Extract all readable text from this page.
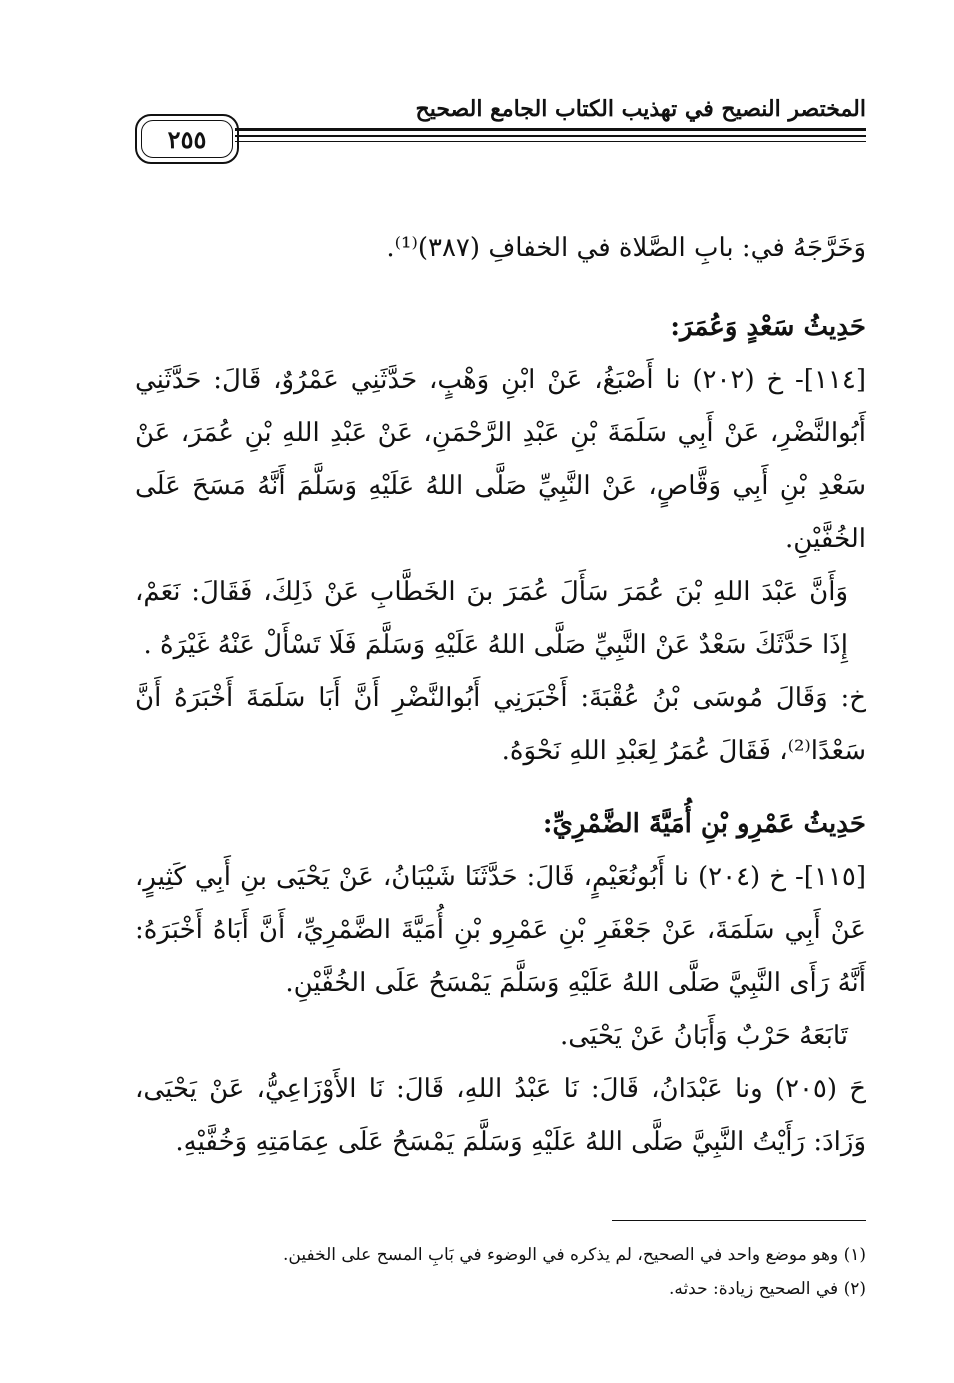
المختصر النصيح في تهذيب الكتاب الجامع الصحيح
٢٥٥

وَخَرَّجَهُ في: بابِ الصَّلاة في الخفافِ (٣٨٧)⁽¹⁾.

حَدِيثُ سَعْدٍ وَعُمَرَ:

[١١٤]- خ (٢٠٢) نا أَصْبَغُ، عَنْ ابْنِ وَهْبٍ، حَدَّثَنِي عَمْرُوٌ، قَالَ: حَدَّثَنِي أَبُوالنَّضْرِ، عَنْ أَبِي سَلَمَةَ بْنِ عَبْدِ الرَّحْمَنِ، عَنْ عَبْدِ اللهِ بْنِ عُمَرَ، عَنْ سَعْدِ بْنِ أَبِي وَقَّاصٍ، عَنْ النَّبِيِّ صَلَّى اللهُ عَلَيْهِ وَسَلَّمَ أَنَّهُ مَسَحَ عَلَى الخُفَّيْنِ.

وَأَنَّ عَبْدَ اللهِ بْنَ عُمَرَ سَأَلَ عُمَرَ بنَ الخَطَّابِ عَنْ ذَلِكَ، فَقَالَ: نَعَمْ، إِذَا حَدَّثَكَ سَعْدٌ عَنْ النَّبِيِّ صَلَّى اللهُ عَلَيْهِ وَسَلَّمَ فَلَا تَسْأَلْ عَنْهُ غَيْرَهُ .

خ: وَقَالَ مُوسَى بْنُ عُقْبَةَ: أَخْبَرَنِي أَبُوالنَّضْرِ أَنَّ أَبَا سَلَمَةَ أَخْبَرَهُ أَنَّ سَعْدًا⁽²⁾، فَقَالَ عُمَرُ لِعَبْدِ اللهِ نَحْوَهُ.

حَدِيثُ عَمْرِو بْنِ أُمَيَّةَ الضَّمْرِيِّ:

[١١٥]- خ (٢٠٤) نا أَبُونُعَيْمٍ، قَالَ: حَدَّثَنَا شَيْبَانُ، عَنْ يَحْيَى بنِ أَبِي كَثِيرٍ، عَنْ أَبِي سَلَمَةَ، عَنْ جَعْفَرِ بْنِ عَمْرِو بْنِ أُمَيَّةَ الضَّمْرِيِّ، أَنَّ أَبَاهُ أَخْبَرَهُ: أَنَّهُ رَأَى النَّبِيَّ صَلَّى اللهُ عَلَيْهِ وَسَلَّمَ يَمْسَحُ عَلَى الخُفَّيْنِ.

تَابَعَهُ حَرْبٌ وَأَبَانُ عَنْ يَحْيَى.

حَ (٢٠٥) ونا عَبْدَانُ، قَالَ: نَا عَبْدُ اللهِ، قَالَ: نَا الأَوْزَاعِيُّ، عَنْ يَحْيَى، وَزَادَ: رَأَيْتُ النَّبِيَّ صَلَّى اللهُ عَلَيْهِ وَسَلَّمَ يَمْسَحُ عَلَى عِمَامَتِهِ وَخُفَّيْهِ.

(١) وهو موضع واحد في الصحيح، لم يذكره في الوضوء في بَابِ المسح على الخفين.

(٢) في الصحيح زيادة: حدثه.
